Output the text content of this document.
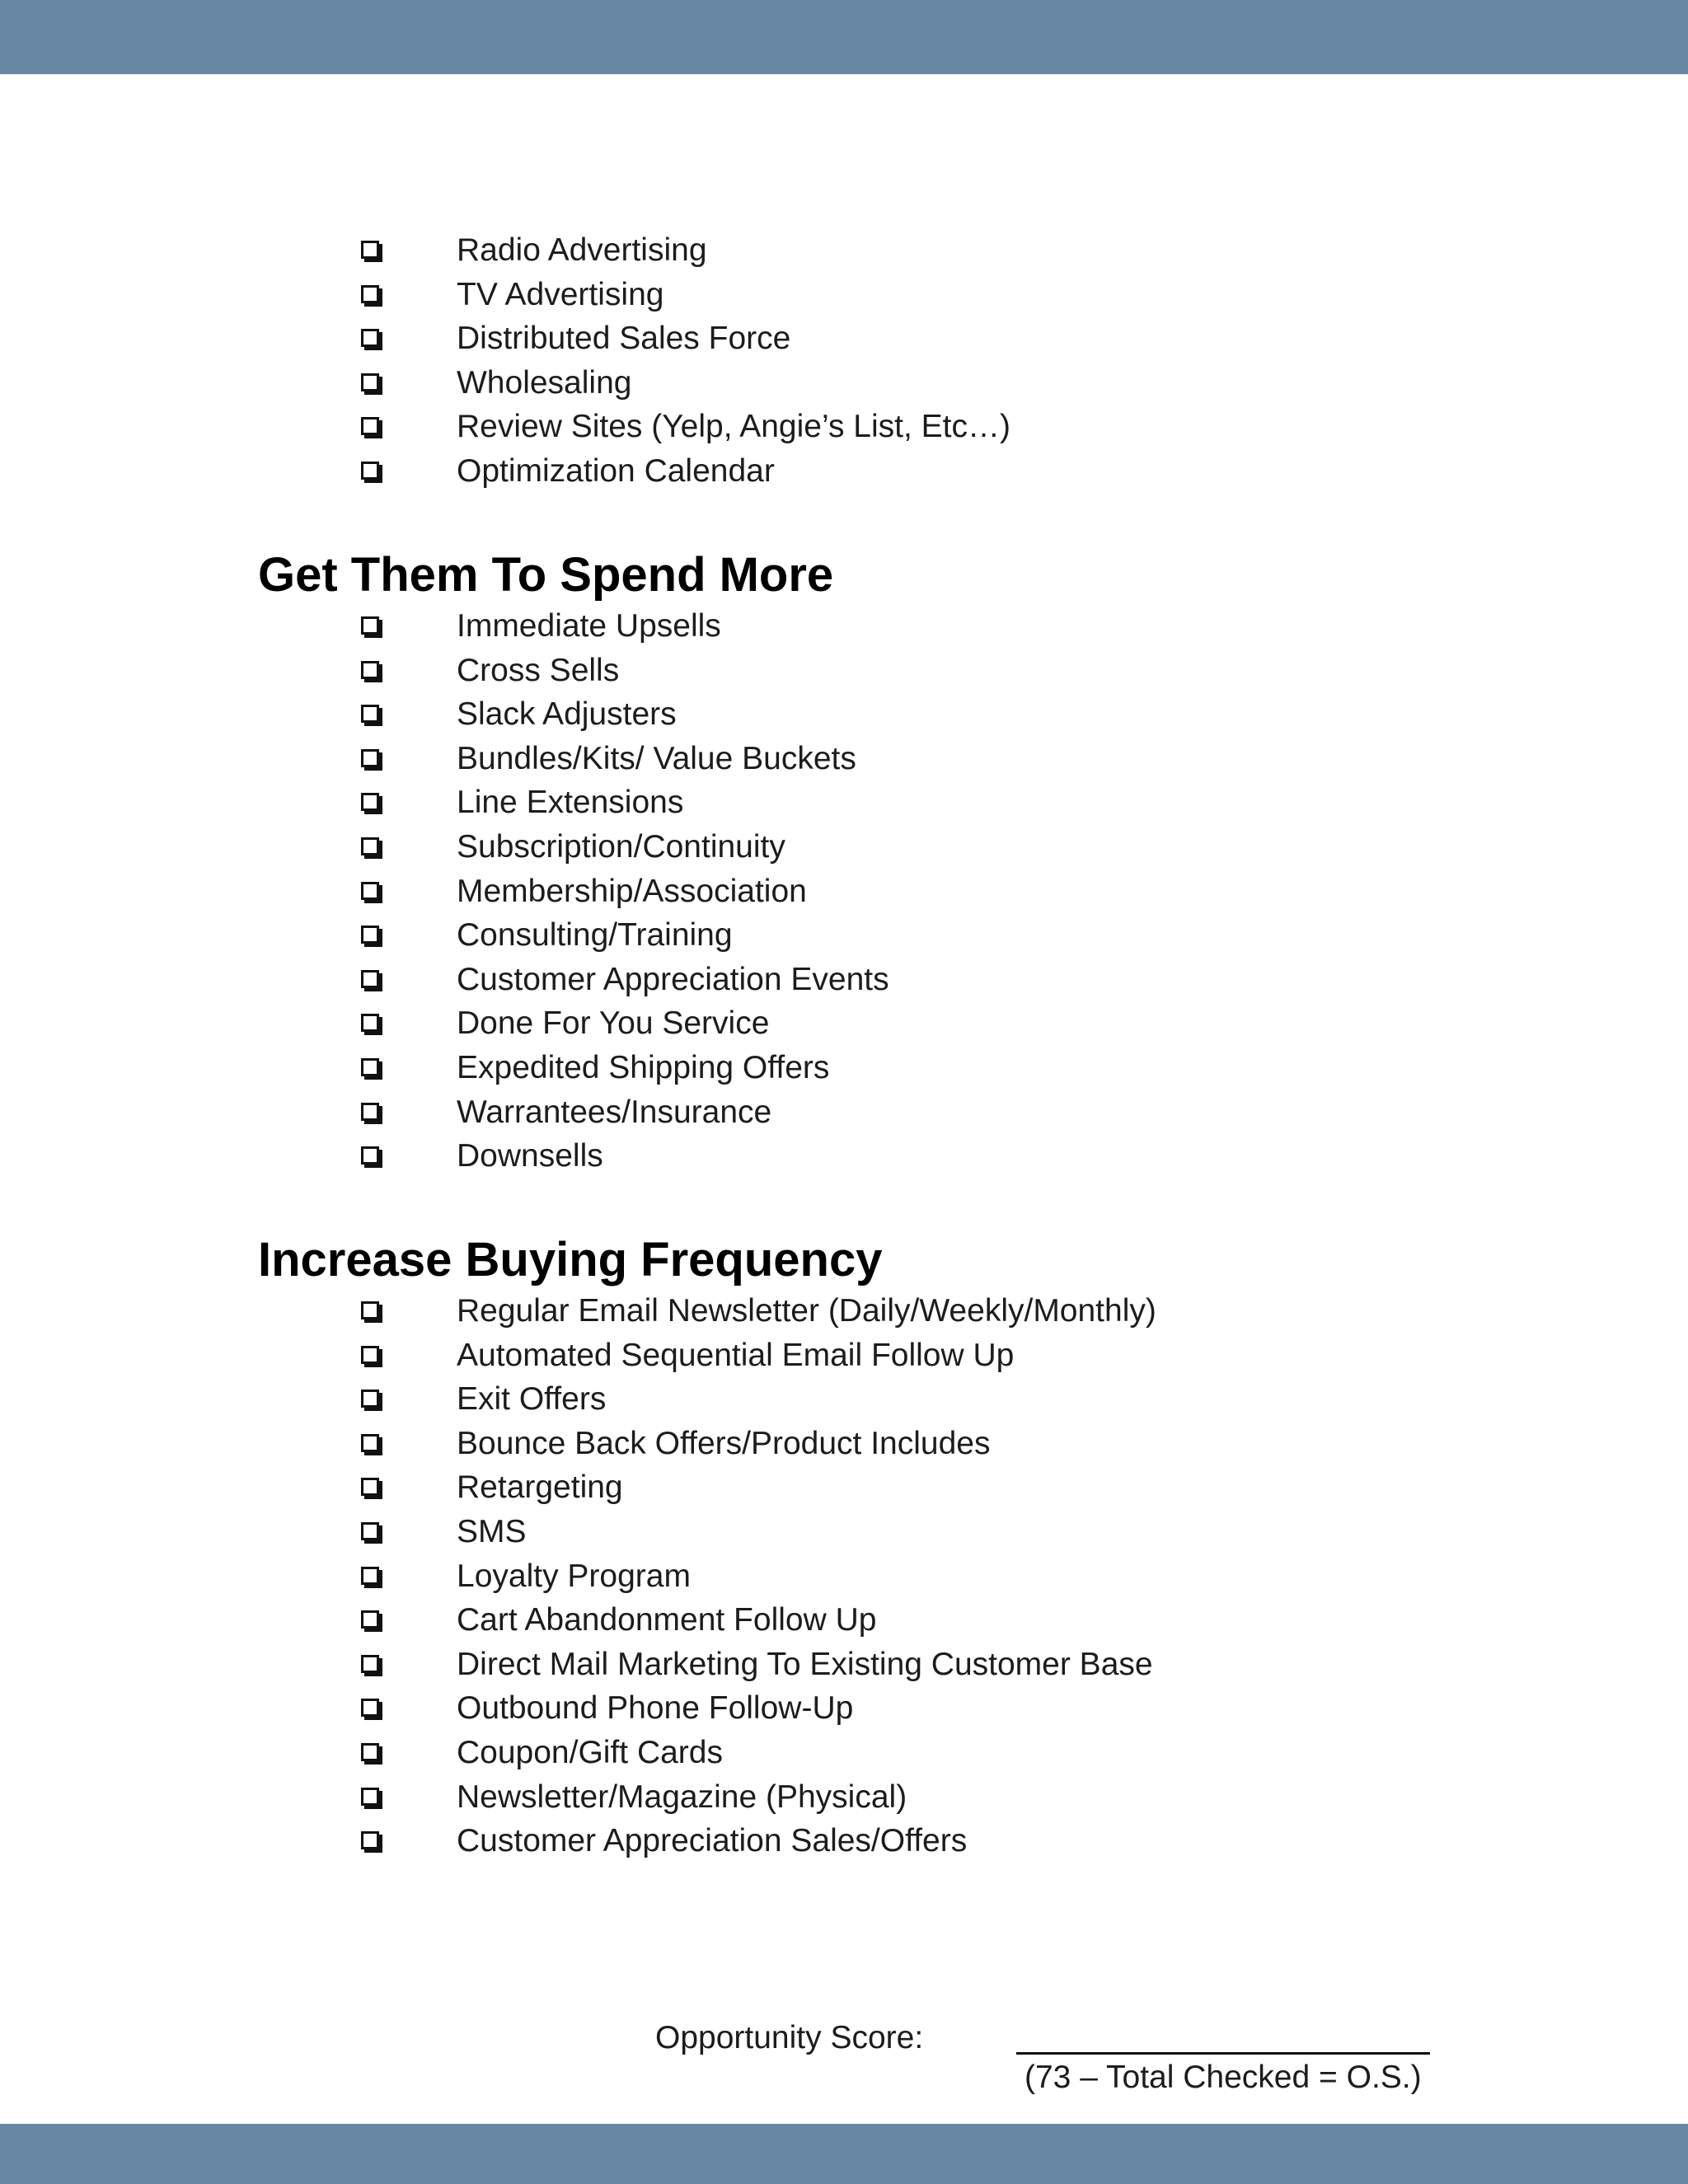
Radio Advertising
TV Advertising
Distributed Sales Force
Wholesaling
Review Sites (Yelp, Angie’s List, Etc…)
Optimization Calendar
Get Them To Spend More
Immediate Upsells
Cross Sells
Slack Adjusters
Bundles/Kits/ Value Buckets
Line Extensions
Subscription/Continuity
Membership/Association
Consulting/Training
Customer Appreciation Events
Done For You Service
Expedited Shipping Offers
Warrantees/Insurance
Downsells
Increase Buying Frequency
Regular Email Newsletter (Daily/Weekly/Monthly)
Automated Sequential Email Follow Up
Exit Offers
Bounce Back Offers/Product Includes
Retargeting
SMS
Loyalty Program
Cart Abandonment Follow Up
Direct Mail Marketing To Existing Customer Base
Outbound Phone Follow-Up
Coupon/Gift Cards
Newsletter/Magazine (Physical)
Customer Appreciation Sales/Offers
Opportunity Score:
(73 – Total Checked = O.S.)
